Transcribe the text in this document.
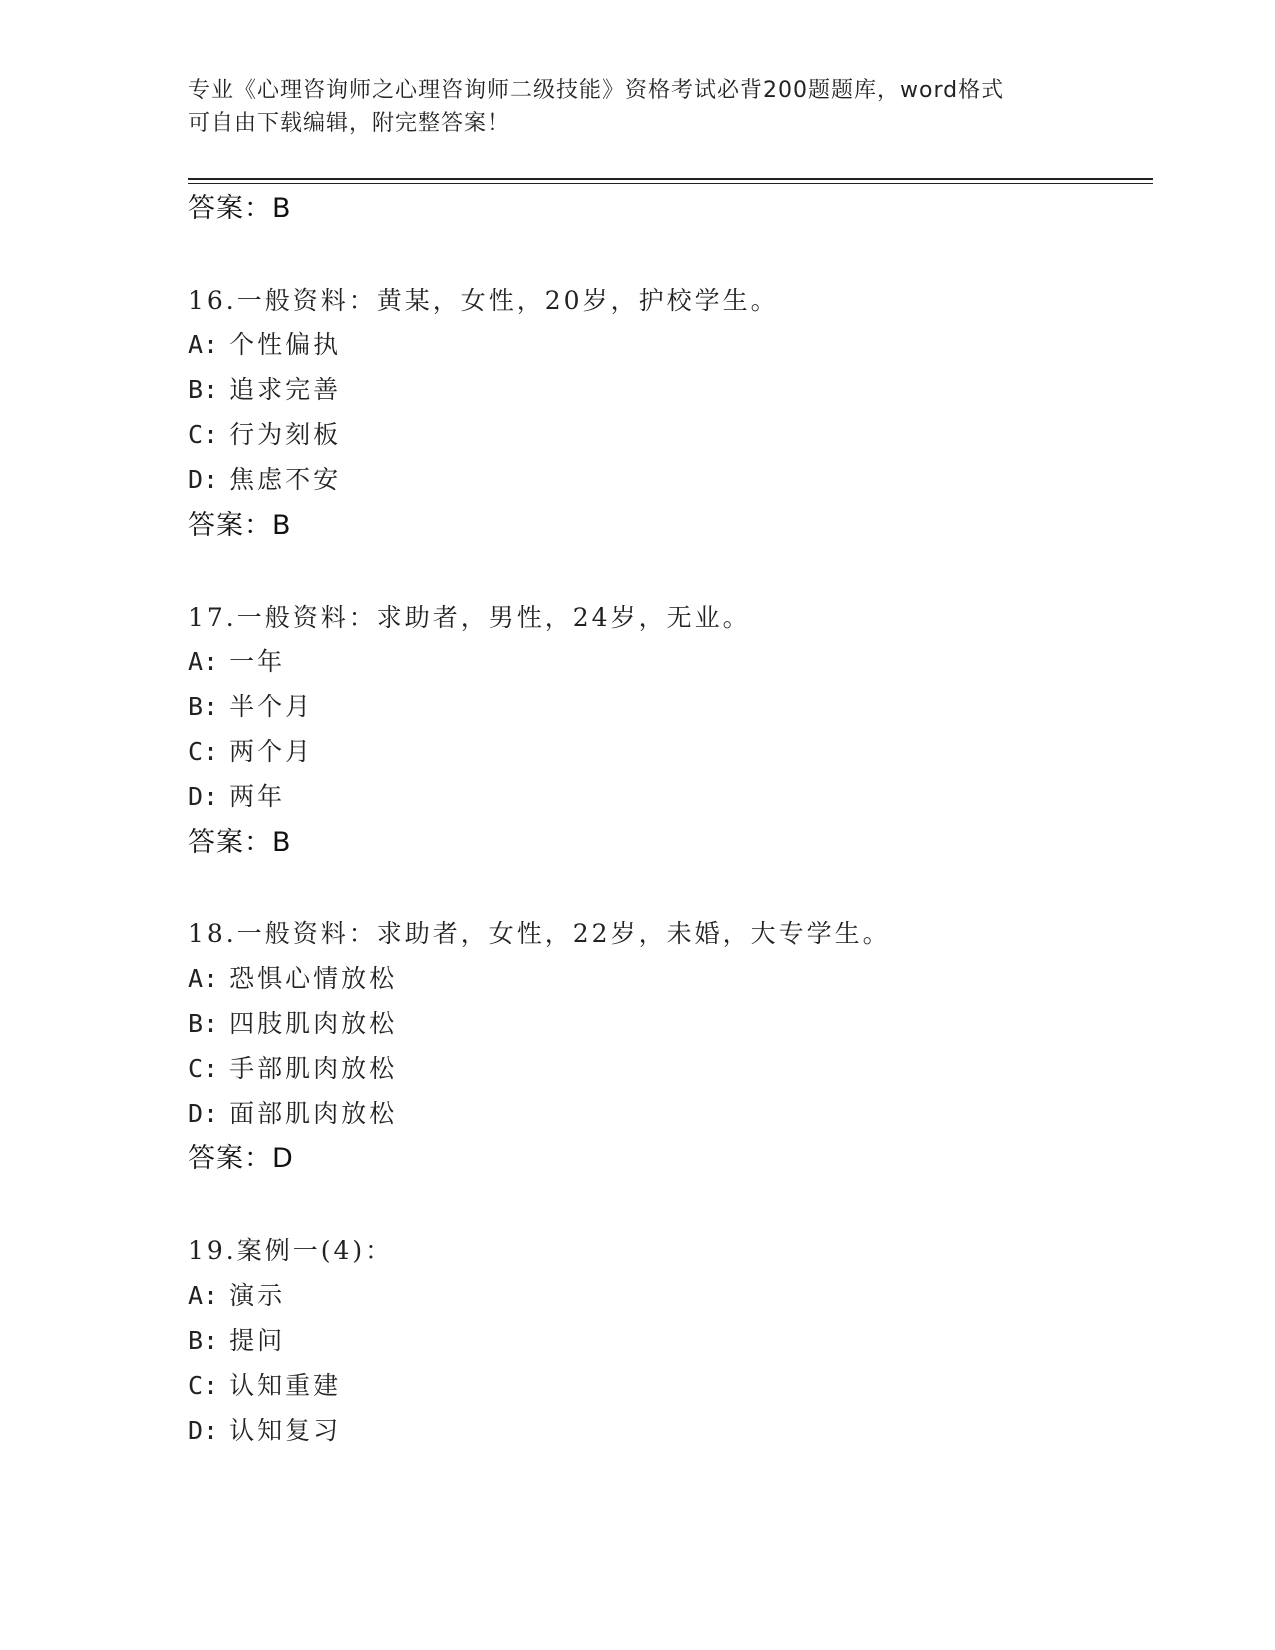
专业《心理咨询师之心理咨询师二级技能》资格考试必背200题题库，word格式
可自由下载编辑，附完整答案！
答案：B
16.一般资料：黄某，女性，20岁，护校学生。
A: 个性偏执
B: 追求完善
C: 行为刻板
D: 焦虑不安
答案：B
17.一般资料：求助者，男性，24岁，无业。
A: 一年
B: 半个月
C: 两个月
D: 两年
答案：B
18.一般资料：求助者，女性，22岁，未婚，大专学生。
A: 恐惧心情放松
B: 四肢肌肉放松
C: 手部肌肉放松
D: 面部肌肉放松
答案：D
19.案例一(4)：
A: 演示
B: 提问
C: 认知重建
D: 认知复习
